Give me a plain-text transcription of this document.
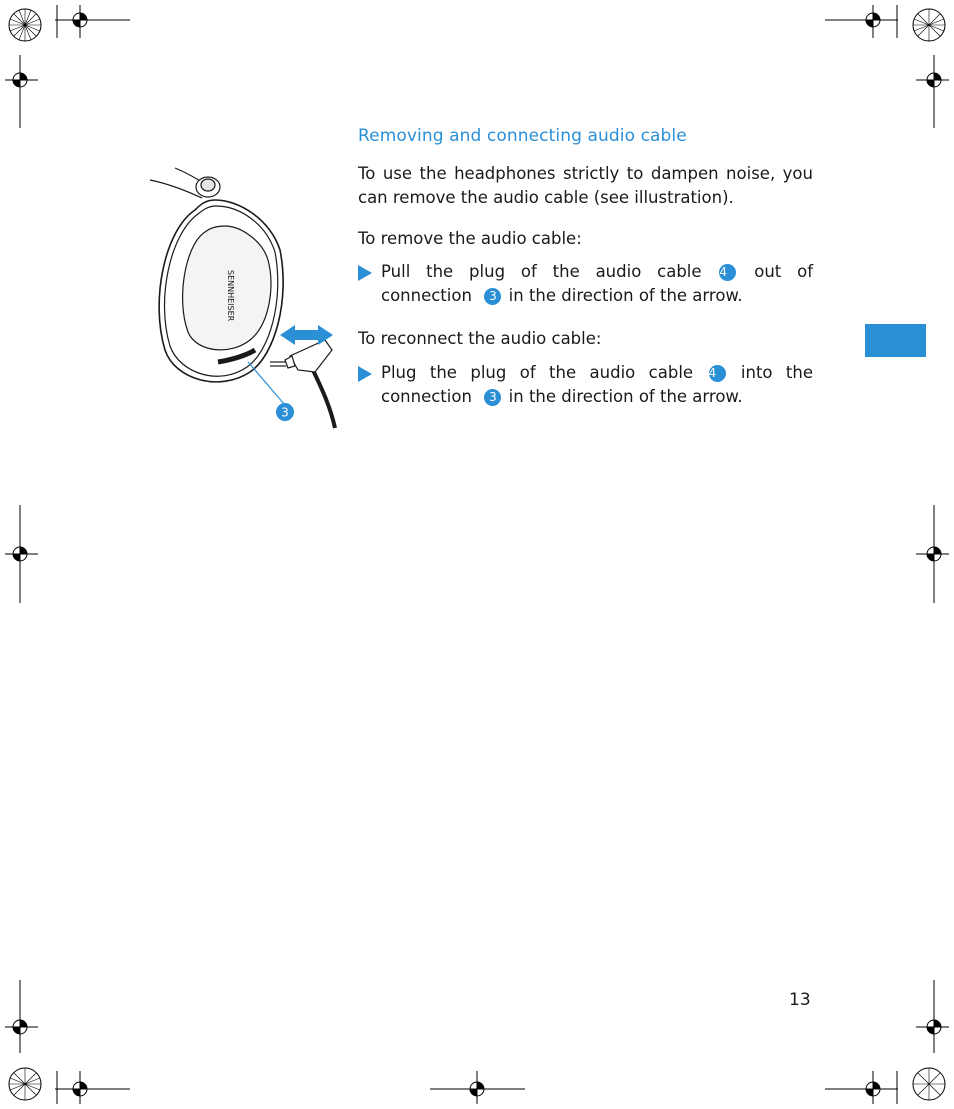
SENNHEISER
3
Removing and connecting audio cable
To use the headphones strictly to dampen noise, you can remove the audio cable (see illustration).
To remove the audio cable:
Pull the plug of the audio cable 4 out of
connection 3 in the direction of the arrow.
To reconnect the audio cable:
Plug the plug of the audio cable 4 into the
connection 3 in the direction of the arrow.
13
